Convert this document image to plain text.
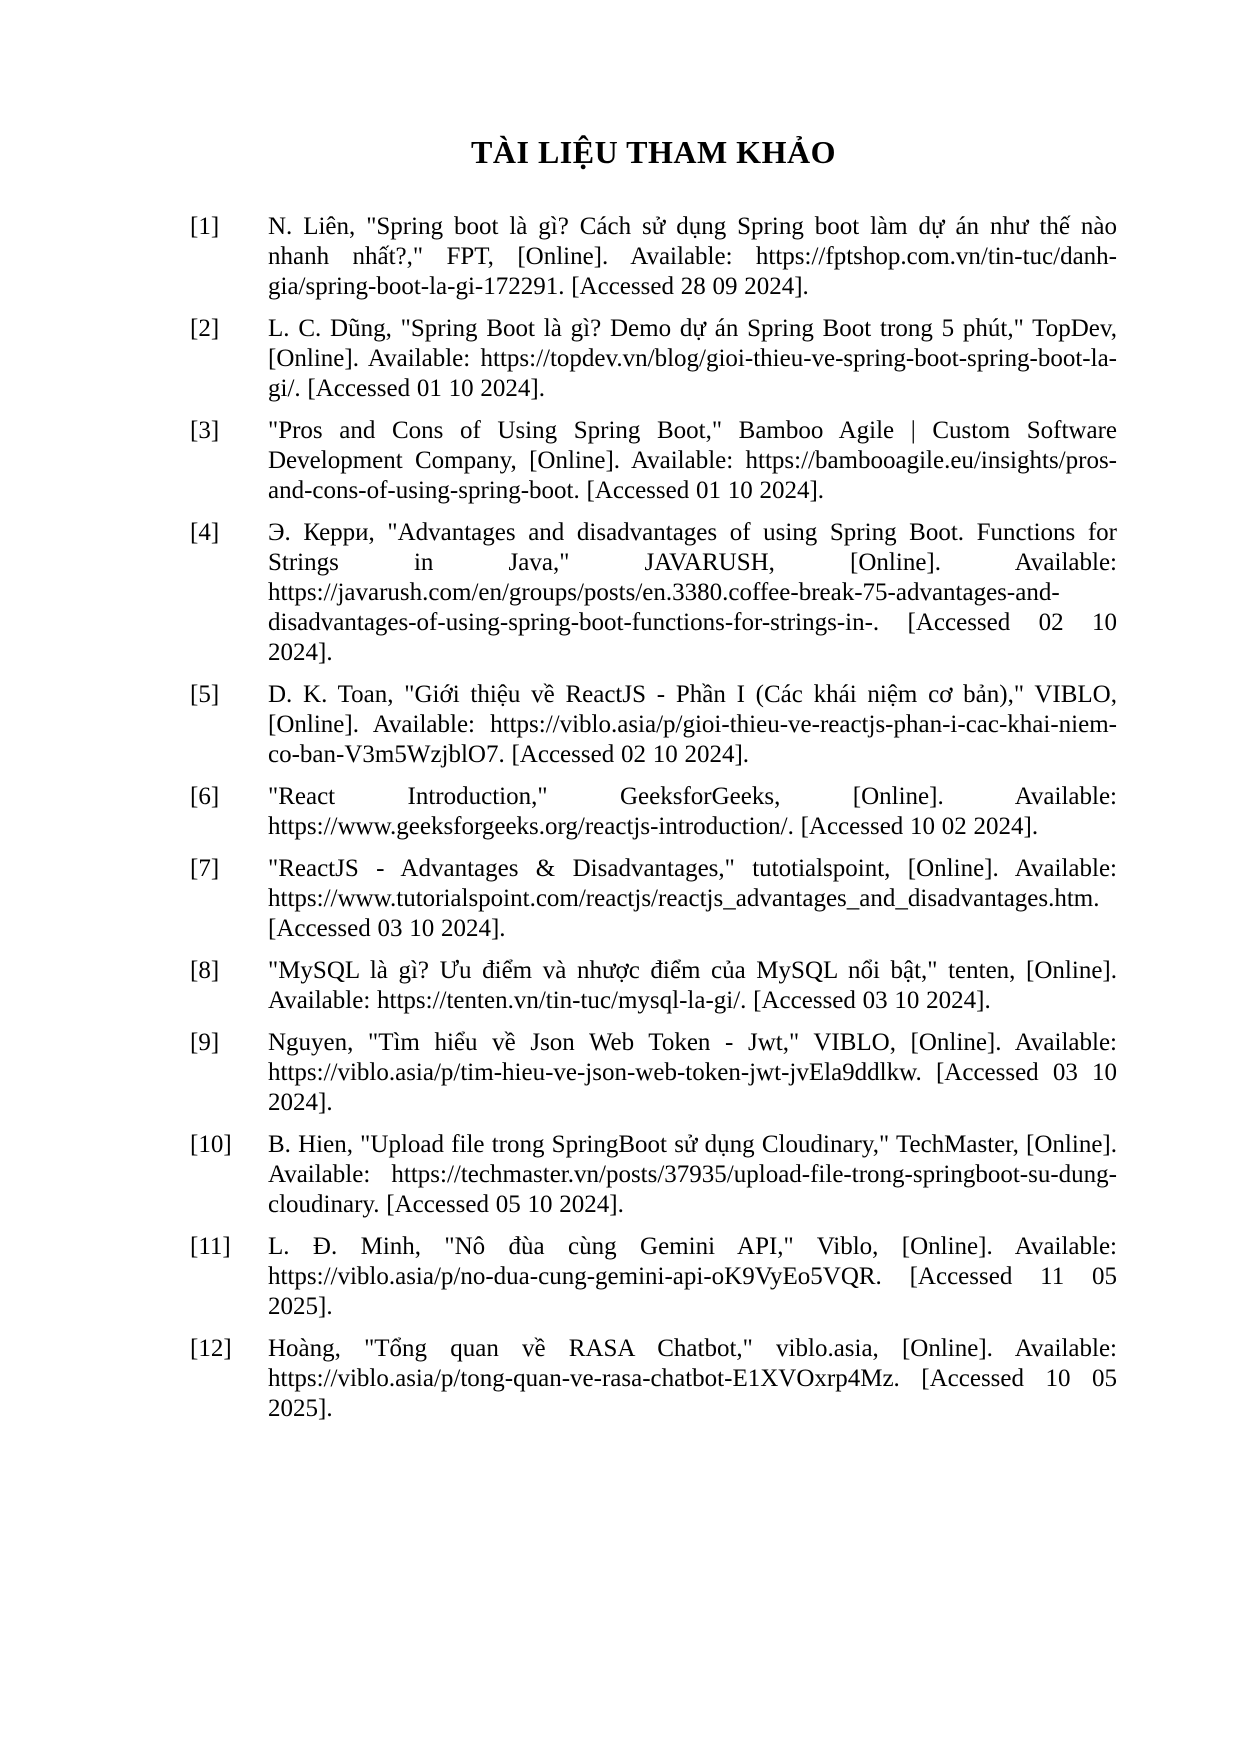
TÀI LIỆU THAM KHẢO
[1]	N. Liên, "Spring boot là gì? Cách sử dụng Spring boot làm dự án như thế nào nhanh nhất?," FPT, [Online]. Available: https://fptshop.com.vn/tin-tuc/danh-gia/spring-boot-la-gi-172291. [Accessed 28 09 2024].
[2]	L. C. Dũng, "Spring Boot là gì? Demo dự án Spring Boot trong 5 phút," TopDev, [Online]. Available: https://topdev.vn/blog/gioi-thieu-ve-spring-boot-spring-boot-la-gi/. [Accessed 01 10 2024].
[3]	"Pros and Cons of Using Spring Boot," Bamboo Agile | Custom Software Development Company, [Online]. Available: https://bambooagile.eu/insights/pros-and-cons-of-using-spring-boot. [Accessed 01 10 2024].
[4]	Э. Керри, "Advantages and disadvantages of using Spring Boot. Functions for Strings in Java," JAVARUSH, [Online]. Available: https://javarush.com/en/groups/posts/en.3380.coffee-break-75-advantages-and-disadvantages-of-using-spring-boot-functions-for-strings-in-. [Accessed 02 10 2024].
[5]	D. K. Toan, "Giới thiệu về ReactJS - Phần I (Các khái niệm cơ bản)," VIBLO, [Online]. Available: https://viblo.asia/p/gioi-thieu-ve-reactjs-phan-i-cac-khai-niem-co-ban-V3m5WzjblO7. [Accessed 02 10 2024].
[6]	"React Introduction," GeeksforGeeks, [Online]. Available: https://www.geeksforgeeks.org/reactjs-introduction/. [Accessed 10 02 2024].
[7]	"ReactJS - Advantages & Disadvantages," tutotialspoint, [Online]. Available: https://www.tutorialspoint.com/reactjs/reactjs_advantages_and_disadvantages.htm. [Accessed 03 10 2024].
[8]	"MySQL là gì? Ưu điểm và nhược điểm của MySQL nổi bật," tenten, [Online]. Available: https://tenten.vn/tin-tuc/mysql-la-gi/. [Accessed 03 10 2024].
[9]	Nguyen, "Tìm hiểu về Json Web Token - Jwt," VIBLO, [Online]. Available: https://viblo.asia/p/tim-hieu-ve-json-web-token-jwt-jvEla9ddlkw. [Accessed 03 10 2024].
[10]	B. Hien, "Upload file trong SpringBoot sử dụng Cloudinary," TechMaster, [Online]. Available: https://techmaster.vn/posts/37935/upload-file-trong-springboot-su-dung-cloudinary. [Accessed 05 10 2024].
[11]	L. Đ. Minh, "Nô đùa cùng Gemini API," Viblo, [Online]. Available: https://viblo.asia/p/no-dua-cung-gemini-api-oK9VyEo5VQR. [Accessed 11 05 2025].
[12]	Hoàng, "Tổng quan về RASA Chatbot," viblo.asia, [Online]. Available: https://viblo.asia/p/tong-quan-ve-rasa-chatbot-E1XVOxrp4Mz. [Accessed 10 05 2025].
